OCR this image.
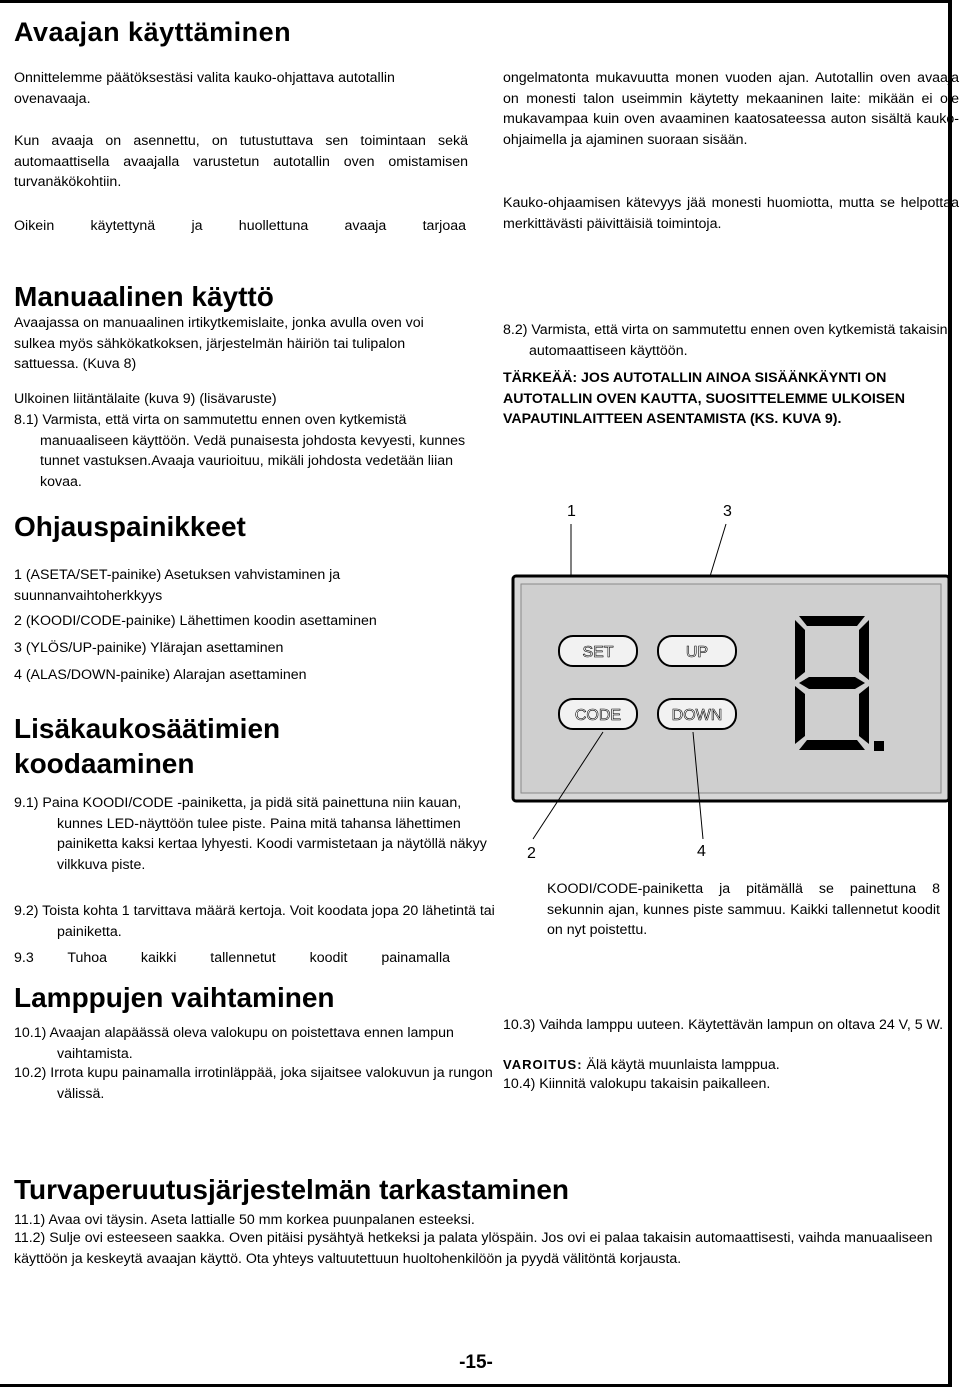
Avaajan käyttäminen

Onnittelemme päätöksestäsi valita kauko-ohjattava autotallin ovenavaaja.

Kun avaaja on asennettu, on tutustuttava sen toimintaan sekä automaattisella avaajalla varustetun autotallin oven omistamisen turvanäkökohtiin.

Oikein käytettynä ja huollettuna avaaja tarjoaa

ongelmatonta mukavuutta monen vuoden ajan. Autotallin oven avaaja on monesti talon useimmin käytetty mekaaninen laite: mikään ei ole mukavampaa kuin oven avaaminen kaatosateessa auton sisältä kauko-ohjaimella ja ajaminen suoraan sisään.

Kauko-ohjaamisen kätevyys jää monesti huomiotta, mutta se helpottaa merkittävästi päivittäisiä toimintoja.

Manuaalinen käyttö

Avaajassa on manuaalinen irtikytkemislaite, jonka avulla oven voi sulkea myös sähkökatkoksen, järjestelmän häiriön tai tulipalon sattuessa. (Kuva 8)

Ulkoinen liitäntälaite (kuva 9) (lisävaruste)

8.1) Varmista, että virta on sammutettu ennen oven kytkemistä manuaaliseen käyttöön. Vedä punaisesta johdosta kevyesti, kunnes tunnet vastuksen.Avaaja vaurioituu, mikäli johdosta vedetään liian kovaa.

8.2) Varmista, että virta on sammutettu ennen oven kytkemistä takaisin automaattiseen käyttöön.

TÄRKEÄÄ: JOS AUTOTALLIN AINOA SISÄÄNKÄYNTI ON AUTOTALLIN OVEN KAUTTA, SUOSITTELEMME ULKOISEN VAPAUTINLAITTEEN ASENTAMISTA (KS. KUVA 9).

Ohjauspainikkeet

1 (ASETA/SET-painike) Asetuksen vahvistaminen ja suunnanvaihtoherkkyys

2 (KOODI/CODE-painike) Lähettimen koodin asettaminen

3 (YLÖS/UP-painike) Ylärajan asettaminen

4 (ALAS/DOWN-painike) Alarajan asettaminen

1	3
SET	UP
CODE	DOWN
2	4
Lisäkaukosäätimien
koodaaminen

9.1) Paina KOODI/CODE -painiketta, ja pidä sitä painettuna niin kauan, kunnes LED-näyttöön tulee piste. Paina mitä tahansa lähettimen painiketta kaksi kertaa lyhyesti. Koodi varmistetaan ja näytöllä näkyy vilkkuva piste.

9.2) Toista kohta 1 tarvittava määrä kertoja. Voit koodata jopa 20 lähetintä tai painiketta.

9.3 Tuhoa kaikki tallennetut koodit painamalla

KOODI/CODE-painiketta ja pitämällä se painettuna 8 sekunnin ajan, kunnes piste sammuu. Kaikki tallennetut koodit on nyt poistettu.

Lamppujen vaihtaminen

10.1) Avaajan alapäässä oleva valokupu on poistettava ennen lampun vaihtamista.

10.2) Irrota kupu painamalla irrotinläppää, joka sijaitsee valokuvun ja rungon välissä.

10.3) Vaihda lamppu uuteen. Käytettävän lampun on oltava 24 V, 5 W.

VAROITUS: Älä käytä muunlaista lamppua.

10.4) Kiinnitä valokupu takaisin paikalleen.

Turvaperuutusjärjestelmän tarkastaminen

11.1) Avaa ovi täysin. Aseta lattialle 50 mm korkea puunpalanen esteeksi.

11.2) Sulje ovi esteeseen saakka. Oven pitäisi pysähtyä hetkeksi ja palata ylöspäin. Jos ovi ei palaa takaisin automaattisesti, vaihda manuaaliseen käyttöön ja keskeytä avaajan käyttö. Ota yhteys valtuutettuun huoltohenkilöön ja pyydä välitöntä korjausta.

-15-
